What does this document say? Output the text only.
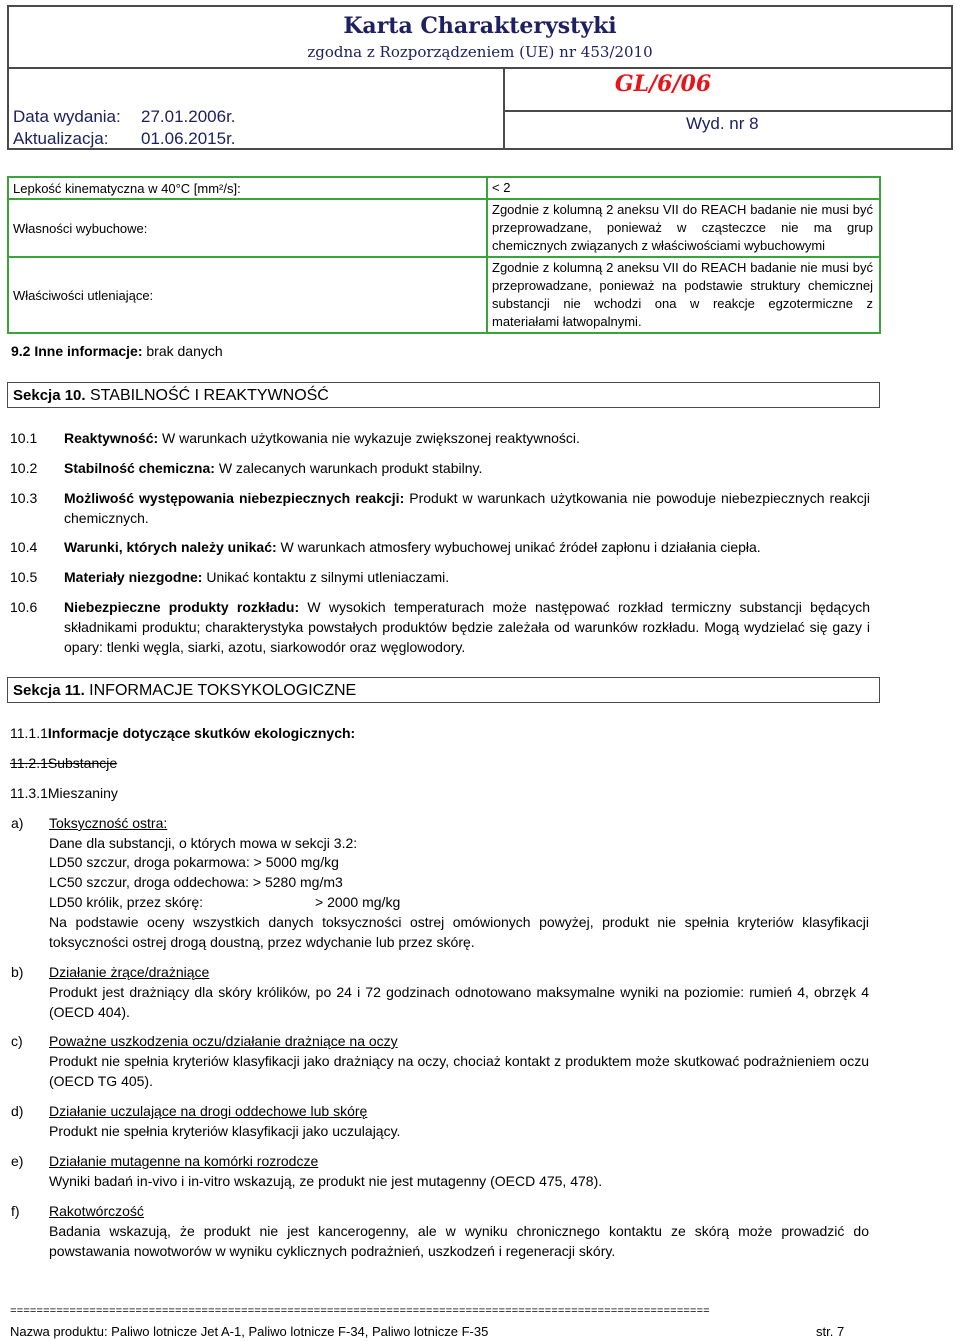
Karta Charakterystyki
zgodna z Rozporządzeniem (UE) nr 453/2010
Data wydania: 27.01.2006r.
Aktualizacja: 01.06.2015r.
GL/6/06
Wyd. nr 8
Lepkość kinematyczna w 40°C [mm²/s]:	< 2
Własności wybuchowe:	Zgodnie z kolumną 2 aneksu VII do REACH badanie nie musi być przeprowadzane, ponieważ w cząsteczce nie ma grup chemicznych związanych z właściwościami wybuchowymi
Właściwości utleniające:	Zgodnie z kolumną 2 aneksu VII do REACH badanie nie musi być przeprowadzane, ponieważ na podstawie struktury chemicznej substancji nie wchodzi ona w reakcje egzotermiczne z materiałami łatwopalnymi.
9.2 Inne informacje: brak danych
Sekcja 10. STABILNOŚĆ I REAKTYWNOŚĆ
10.1 Reaktywność: W warunkach użytkowania nie wykazuje zwiększonej reaktywności.
10.2 Stabilność chemiczna: W zalecanych warunkach produkt stabilny.
10.3 Możliwość występowania niebezpiecznych reakcji: Produkt w warunkach użytkowania nie powoduje niebezpiecznych reakcji chemicznych.
10.4 Warunki, których należy unikać: W warunkach atmosfery wybuchowej unikać źródeł zapłonu i działania ciepła.
10.5 Materiały niezgodne: Unikać kontaktu z silnymi utleniaczami.
10.6 Niebezpieczne produkty rozkładu: W wysokich temperaturach może następować rozkład termiczny substancji będących składnikami produktu; charakterystyka powstałych produktów będzie zależała od warunków rozkładu. Mogą wydzielać się gazy i opary: tlenki węgla, siarki, azotu, siarkowodór oraz węglowodory.
Sekcja 11. INFORMACJE TOKSYKOLOGICZNE
11.1.1Informacje dotyczące skutków ekologicznych:
11.2.1Substancje
11.3.1Mieszaniny
a) Toksyczność ostra:
Dane dla substancji, o których mowa w sekcji 3.2:
LD50 szczur, droga pokarmowa: > 5000 mg/kg
LC50 szczur, droga oddechowa: > 5280 mg/m3
LD50 królik, przez skórę:	> 2000 mg/kg
Na podstawie oceny wszystkich danych toksyczności ostrej omówionych powyżej, produkt nie spełnia kryteriów klasyfikacji toksyczności ostrej drogą doustną, przez wdychanie lub przez skórę.
b) Działanie żrące/drażniące
Produkt jest drażniący dla skóry królików, po 24 i 72 godzinach odnotowano maksymalne wyniki na poziomie: rumień 4, obrzęk 4 (OECD 404).
c) Poważne uszkodzenia oczu/działanie drażniące na oczy
Produkt nie spełnia kryteriów klasyfikacji jako drażniący na oczy, chociaż kontakt z produktem może skutkować podrażnieniem oczu (OECD TG 405).
d) Działanie uczulające na drogi oddechowe lub skórę
Produkt nie spełnia kryteriów klasyfikacji jako uczulający.
e) Działanie mutagenne na komórki rozrodcze
Wyniki badań in-vivo i in-vitro wskazują, ze produkt nie jest mutagenny (OECD 475, 478).
f) Rakotwórczość
Badania wskazują, że produkt nie jest kancerogenny, ale w wyniku chronicznego kontaktu ze skórą może prowadzić do powstawania nowotworów w wyniku cyklicznych podrażnień, uszkodzeń i regeneracji skóry.
==========================================================================================================
Nazwa produktu: Paliwo lotnicze Jet A-1, Paliwo lotnicze F-34, Paliwo lotnicze F-35	str. 7
